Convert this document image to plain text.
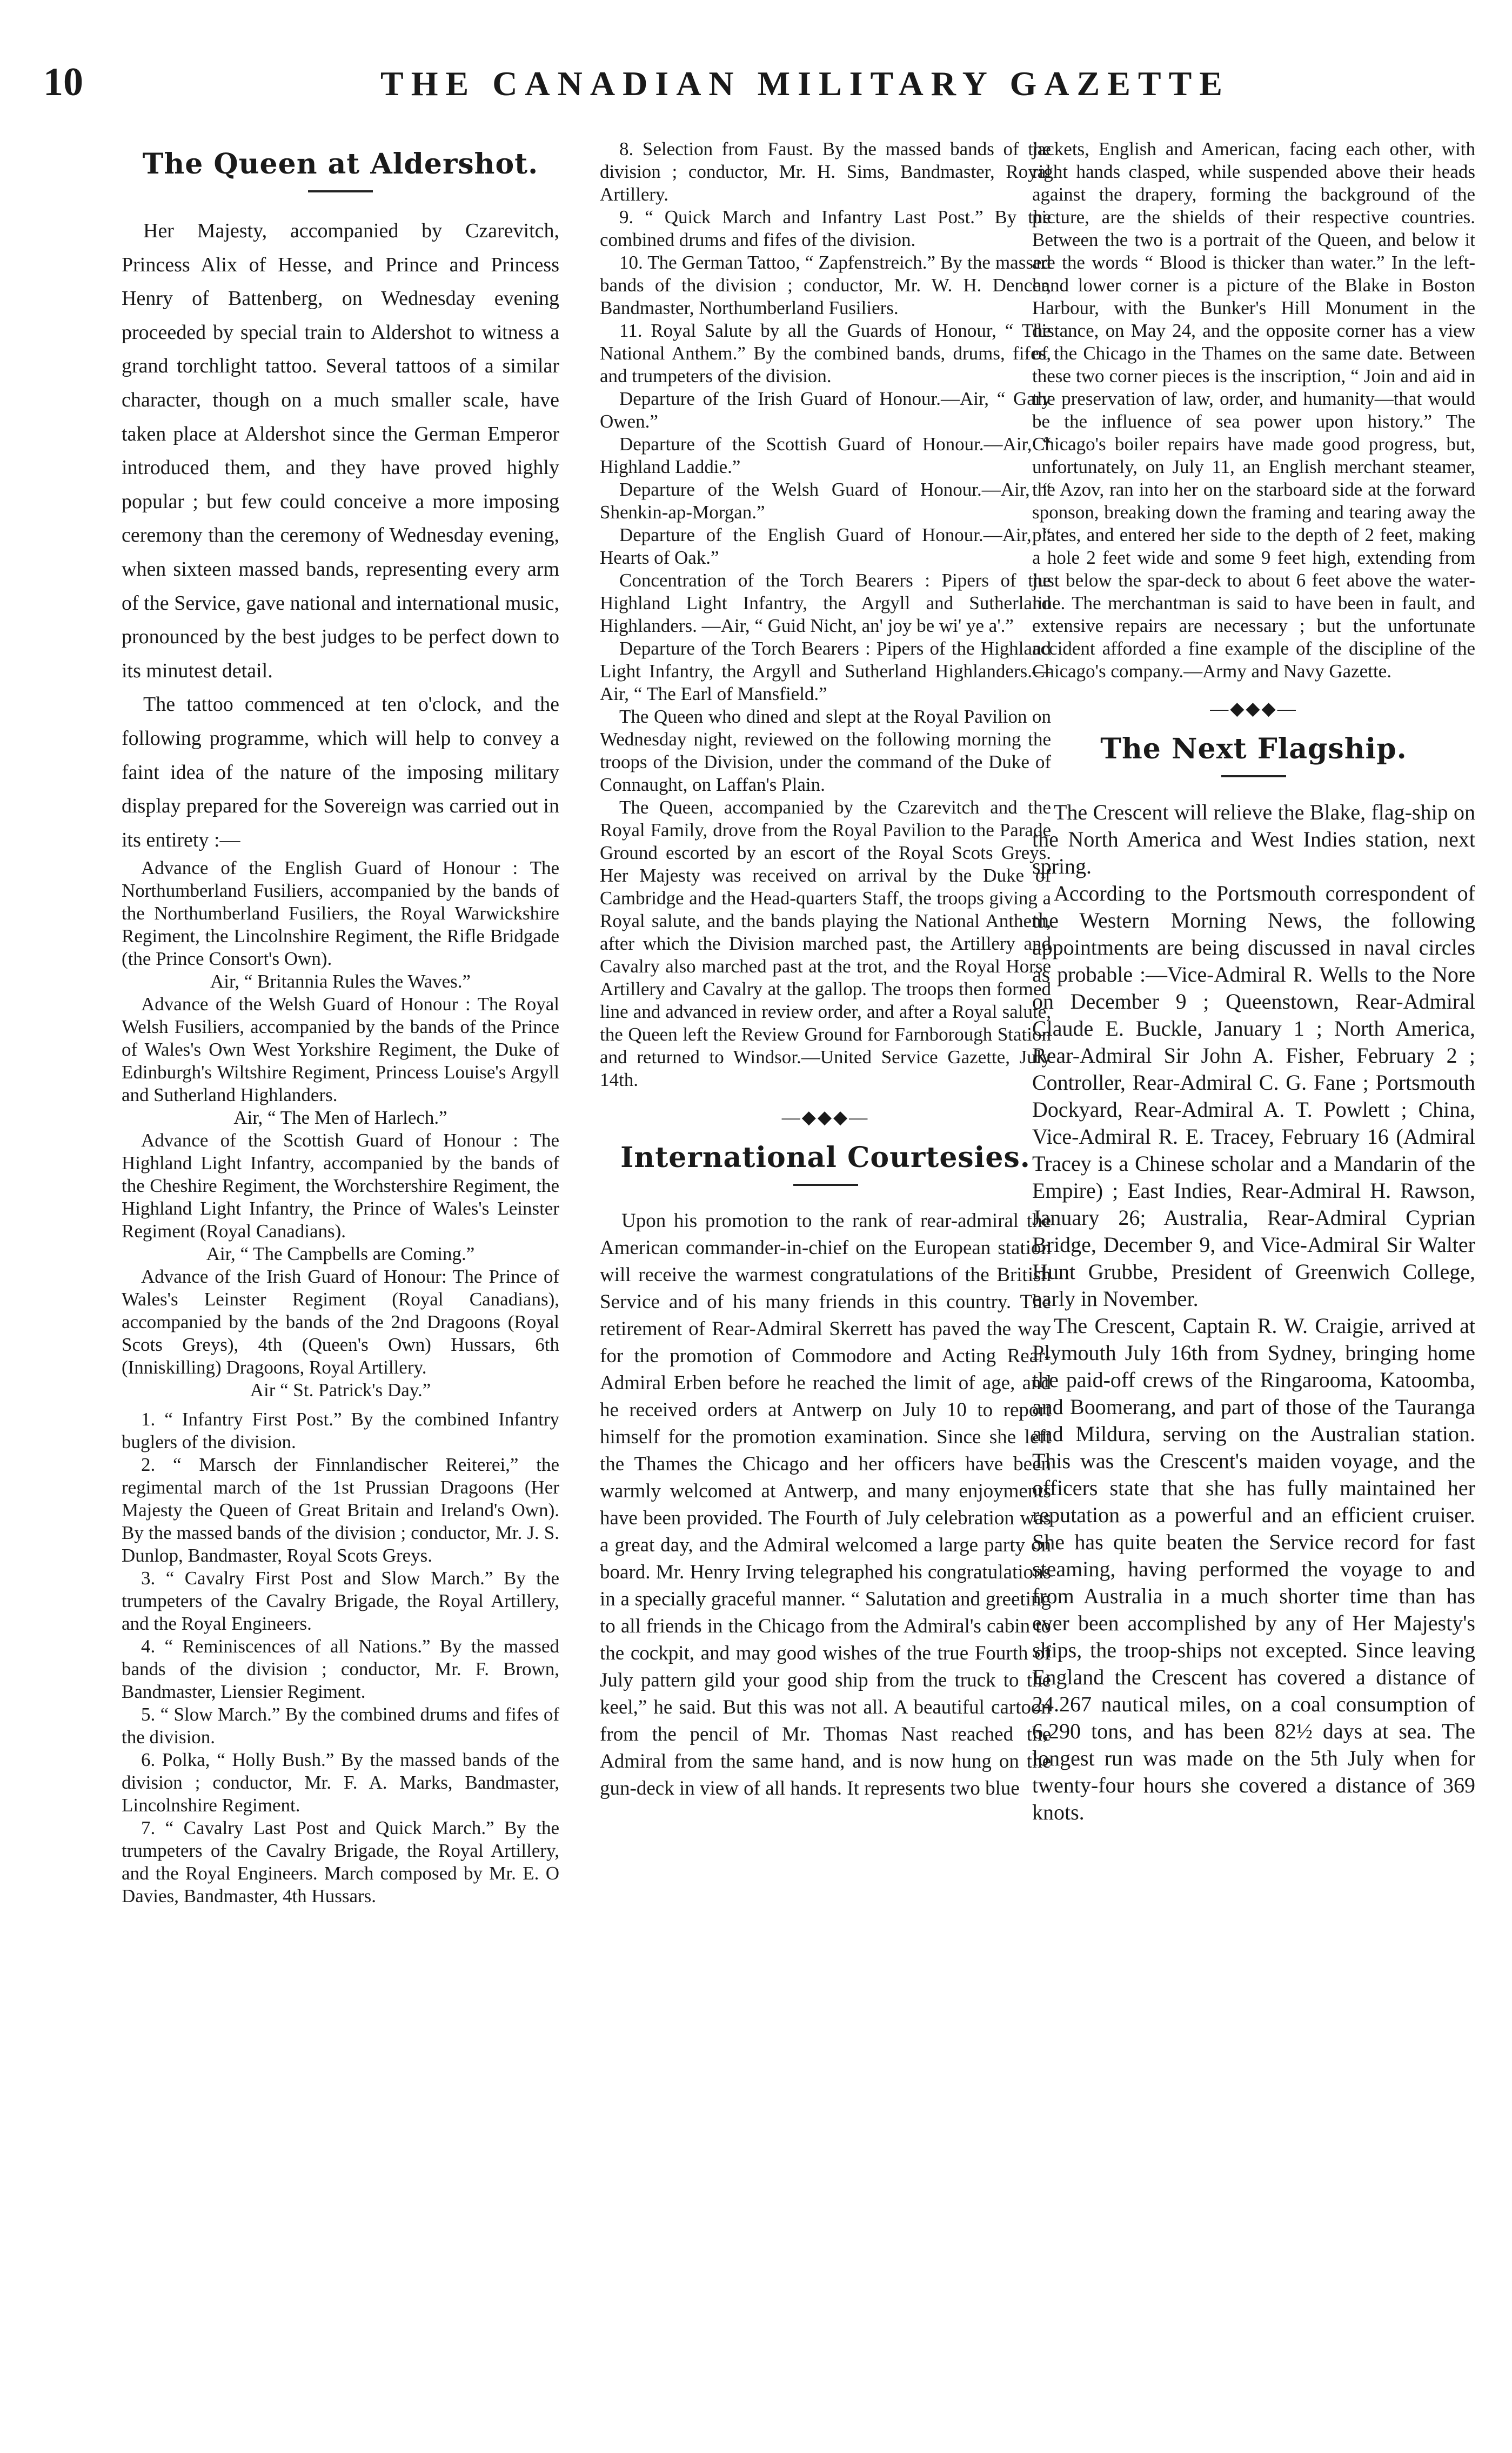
10	THE CANADIAN MILITARY GAZETTE
The Queen at Aldershot.

Her Majesty, accompanied by Czarevitch, Princess Alix of Hesse, and Prince and Princess Henry of Battenberg, on Wednesday evening proceeded by special train to Aldershot to witness a grand torchlight tattoo. Several tattoos of a similar character, though on a much smaller scale, have taken place at Aldershot since the German Emperor introduced them, and they have proved highly popular ; but few could conceive a more imposing ceremony than the ceremony of Wednesday evening, when sixteen massed bands, representing every arm of the Service, gave national and international music, pronounced by the best judges to be perfect down to its minutest detail.

The tattoo commenced at ten o'clock, and the following programme, which will help to convey a faint idea of the nature of the imposing military display prepared for the Sovereign was carried out in its entirety :—

Advance of the English Guard of Honour : The Northumberland Fusiliers, accompanied by the bands of the Northumberland Fusiliers, the Royal Warwickshire Regiment, the Lincolnshire Regiment, the Rifle Bridgade (the Prince Consort's Own).

Air, “ Britannia Rules the Waves.”

Advance of the Welsh Guard of Honour : The Royal Welsh Fusiliers, accompanied by the bands of the Prince of Wales's Own West Yorkshire Regiment, the Duke of Edinburgh's Wiltshire Regiment, Princess Louise's Argyll and Sutherland Highlanders.

Air, “ The Men of Harlech.”

Advance of the Scottish Guard of Honour : The Highland Light Infantry, accompanied by the bands of the Cheshire Regiment, the Worchstershire Regiment, the Highland Light Infantry, the Prince of Wales's Leinster Regiment (Royal Canadians).

Air, “ The Campbells are Coming.”

Advance of the Irish Guard of Honour: The Prince of Wales's Leinster Regiment (Royal Canadians), accompanied by the bands of the 2nd Dragoons (Royal Scots Greys), 4th (Queen's Own) Hussars, 6th (Inniskilling) Dragoons, Royal Artillery.

Air “ St. Patrick's Day.”

1. “ Infantry First Post.” By the combined Infantry buglers of the division.

2. “ Marsch der Finnlandischer Reiterei,” the regimental march of the 1st Prussian Dragoons (Her Majesty the Queen of Great Britain and Ireland's Own). By the massed bands of the division ; conductor, Mr. J. S. Dunlop, Bandmaster, Royal Scots Greys.

3. “ Cavalry First Post and Slow March.” By the trumpeters of the Cavalry Brigade, the Royal Artillery, and the Royal Engineers.

4. “ Reminiscences of all Nations.” By the massed bands of the division ; conductor, Mr. F. Brown, Bandmaster, Liensier Regiment.

5. “ Slow March.” By the combined drums and fifes of the division.

6. Polka, “ Holly Bush.” By the massed bands of the division ; conductor, Mr. F. A. Marks, Bandmaster, Lincolnshire Regiment.

7. “ Cavalry Last Post and Quick March.” By the trumpeters of the Cavalry Brigade, the Royal Artillery, and the Royal Engineers. March composed by Mr. E. O Davies, Bandmaster, 4th Hussars.

8. Selection from Faust. By the massed bands of the division ; conductor, Mr. H. Sims, Bandmaster, Royal Artillery.

9. “ Quick March and Infantry Last Post.” By the combined drums and fifes of the division.

10. The German Tattoo, “ Zapfenstreich.” By the massed bands of the division ; conductor, Mr. W. H. Dencer, Bandmaster, Northumberland Fusiliers.

11. Royal Salute by all the Guards of Honour, “ The National Anthem.” By the combined bands, drums, fifes, and trumpeters of the division.

Departure of the Irish Guard of Honour.—Air, “ Gary Owen.”

Departure of the Scottish Guard of Honour.—Air, “ Highland Laddie.”

Departure of the Welsh Guard of Honour.—Air, “ Shenkin-ap-Morgan.”

Departure of the English Guard of Honour.—Air, “ Hearts of Oak.”

Concentration of the Torch Bearers : Pipers of the Highland Light Infantry, the Argyll and Sutherland Highlanders. —Air, “ Guid Nicht, an' joy be wi' ye a'.”

Departure of the Torch Bearers : Pipers of the Highland Light Infantry, the Argyll and Sutherland Highlanders.—Air, “ The Earl of Mansfield.”

The Queen who dined and slept at the Royal Pavilion on Wednesday night, reviewed on the following morning the troops of the Division, under the command of the Duke of Connaught, on Laffan's Plain.

The Queen, accompanied by the Czarevitch and the Royal Family, drove from the Royal Pavilion to the Parade Ground escorted by an escort of the Royal Scots Greys. Her Majesty was received on arrival by the Duke of Cambridge and the Head-quarters Staff, the troops giving a Royal salute, and the bands playing the National Anthem, after which the Division marched past, the Artillery and Cavalry also marched past at the trot, and the Royal Horse Artillery and Cavalry at the gallop. The troops then formed line and advanced in review order, and after a Royal salute, the Queen left the Review Ground for Farnborough Station and returned to Windsor.—United Service Gazette, July 14th.

—◆◆◆—
International Courtesies.

Upon his promotion to the rank of rear-admiral the American commander-in-chief on the European station will receive the warmest congratulations of the British Service and of his many friends in this country. The retirement of Rear-Admiral Skerrett has paved the way for the promotion of Commodore and Acting Rear-Admiral Erben before he reached the limit of age, and he received orders at Antwerp on July 10 to report himself for the promotion examination. Since she left the Thames the Chicago and her officers have been warmly welcomed at Antwerp, and many enjoyments have been provided. The Fourth of July celebration was a great day, and the Admiral welcomed a large party on board. Mr. Henry Irving telegraphed his congratulations in a specially graceful manner. “ Salutation and greeting to all friends in the Chicago from the Admiral's cabin to the cockpit, and may good wishes of the true Fourth of July pattern gild your good ship from the truck to the keel,” he said. But this was not all. A beautiful cartoon from the pencil of Mr. Thomas Nast reached the Admiral from the same hand, and is now hung on the gun-deck in view of all hands. It represents two blue

jackets, English and American, facing each other, with right hands clasped, while suspended above their heads against the drapery, forming the background of the picture, are the shields of their respective countries. Between the two is a portrait of the Queen, and below it are the words “ Blood is thicker than water.” In the left-hand lower corner is a picture of the Blake in Boston Harbour, with the Bunker's Hill Monument in the distance, on May 24, and the opposite corner has a view of the Chicago in the Thames on the same date. Between these two corner pieces is the inscription, “ Join and aid in the preservation of law, order, and humanity—that would be the influence of sea power upon history.” The Chicago's boiler repairs have made good progress, but, unfortunately, on July 11, an English merchant steamer, the Azov, ran into her on the starboard side at the forward sponson, breaking down the framing and tearing away the plates, and entered her side to the depth of 2 feet, making a hole 2 feet wide and some 9 feet high, extending from just below the spar-deck to about 6 feet above the water-line. The merchantman is said to have been in fault, and extensive repairs are necessary ; but the unfortunate accident afforded a fine example of the discipline of the Chicago's company.—Army and Navy Gazette.

—◆◆◆—
The Next Flagship.

The Crescent will relieve the Blake, flag-ship on the North America and West Indies station, next spring.

According to the Portsmouth correspondent of the Western Morning News, the following appointments are being discussed in naval circles as probable :—Vice-Admiral R. Wells to the Nore on December 9 ; Queenstown, Rear-Admiral Claude E. Buckle, January 1 ; North America, Rear-Admiral Sir John A. Fisher, February 2 ; Controller, Rear-Admiral C. G. Fane ; Portsmouth Dockyard, Rear-Admiral A. T. Powlett ; China, Vice-Admiral R. E. Tracey, February 16 (Admiral Tracey is a Chinese scholar and a Mandarin of the Empire) ; East Indies, Rear-Admiral H. Rawson, January 26; Australia, Rear-Admiral Cyprian Bridge, December 9, and Vice-Admiral Sir Walter Hunt Grubbe, President of Greenwich College, early in November.

The Crescent, Captain R. W. Craigie, arrived at Plymouth July 16th from Sydney, bringing home the paid-off crews of the Ringarooma, Katoomba, and Boomerang, and part of those of the Tauranga and Mildura, serving on the Australian station. This was the Crescent's maiden voyage, and the officers state that she has fully maintained her reputation as a powerful and an efficient cruiser. She has quite beaten the Service record for fast steaming, having performed the voyage to and from Australia in a much shorter time than has ever been accomplished by any of Her Majesty's ships, the troop-ships not excepted. Since leaving England the Crescent has covered a distance of 24.267 nautical miles, on a coal consumption of 6,290 tons, and has been 82½ days at sea. The longest run was made on the 5th July when for twenty-four hours she covered a distance of 369 knots.
